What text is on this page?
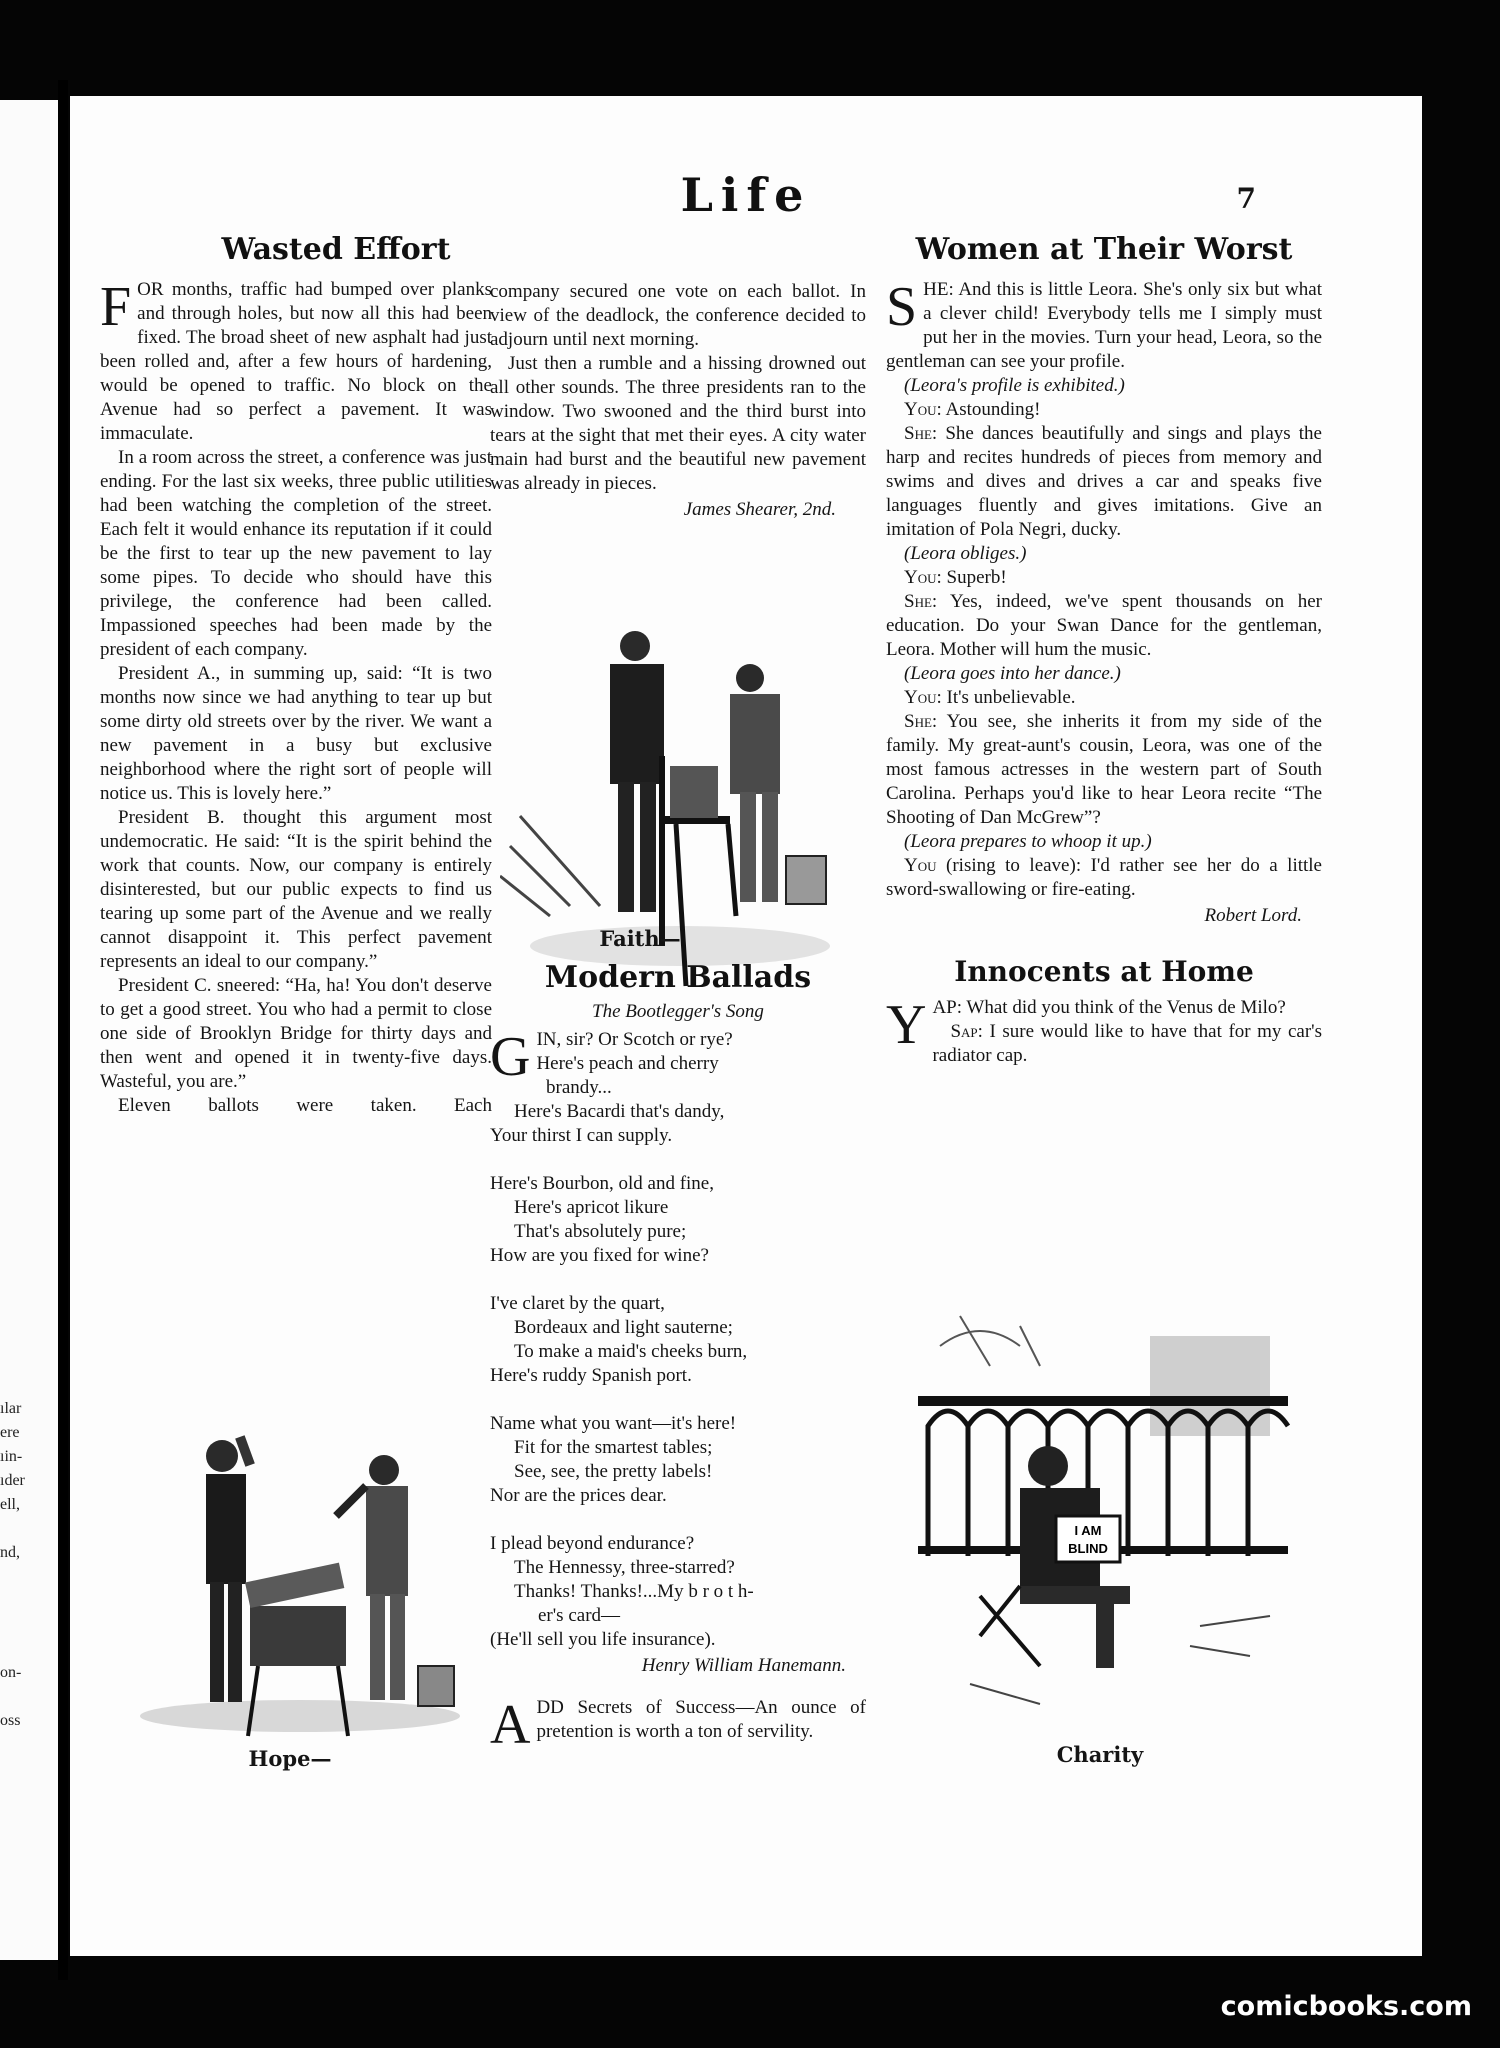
ılar
ere
ıin-
ıder
ell,
nd,
on-
oss
Life	7
Wasted Effort

FOR months, traffic had bumped over planks and through holes, but now all this had been fixed. The broad sheet of new asphalt had just been rolled and, after a few hours of hardening, would be opened to traffic. No block on the Avenue had so perfect a pavement. It was immaculate.

In a room across the street, a conference was just ending. For the last six weeks, three public utilities had been watching the completion of the street. Each felt it would enhance its reputation if it could be the first to tear up the new pavement to lay some pipes. To decide who should have this privilege, the conference had been called. Impassioned speeches had been made by the president of each company.

President A., in summing up, said: “It is two months now since we had anything to tear up but some dirty old streets over by the river. We want a new pavement in a busy but exclusive neighborhood where the right sort of people will notice us. This is lovely here.”

President B. thought this argument most undemocratic. He said: “It is the spirit behind the work that counts. Now, our company is entirely disinterested, but our public expects to find us tearing up some part of the Avenue and we really cannot disappoint it. This perfect pavement represents an ideal to our company.”

President C. sneered: “Ha, ha! You don't deserve to get a good street. You who had a permit to close one side of Brooklyn Bridge for thirty days and then went and opened it in twenty-five days. Wasteful, you are.”

Eleven ballots were taken. Each

Hope—

company secured one vote on each ballot. In view of the deadlock, the conference decided to adjourn until next morning.

Just then a rumble and a hissing drowned out all other sounds. The three presidents ran to the window. Two swooned and the third burst into tears at the sight that met their eyes. A city water main had burst and the beautiful new pavement was already in pieces.

James Shearer, 2nd.
Faith—
Modern Ballads
The Bootlegger's Song
G IN, sir? Or Scotch or rye?
Here's peach and cherry
brandy...
Here's Bacardi that's dandy,
Your thirst I can supply.
Here's Bourbon, old and fine,
Here's apricot likure
That's absolutely pure;
How are you fixed for wine?
I've claret by the quart,
Bordeaux and light sauterne;
To make a maid's cheeks burn,
Here's ruddy Spanish port.
Name what you want—it's here!
Fit for the smartest tables;
See, see, the pretty labels!
Nor are the prices dear.
I plead beyond endurance?
The Hennessy, three-starred?
Thanks! Thanks!...My b r o t h-
er's card—
(He'll sell you life insurance).
Henry William Hanemann.

ADD Secrets of Success—An ounce of pretention is worth a ton of servility.

Women at Their Worst

SHE: And this is little Leora. She's only six but what a clever child! Everybody tells me I simply must put her in the movies. Turn your head, Leora, so the gentleman can see your profile.

(Leora's profile is exhibited.)

You: Astounding!

She: She dances beautifully and sings and plays the harp and recites hundreds of pieces from memory and swims and dives and drives a car and speaks five languages fluently and gives imitations. Give an imitation of Pola Negri, ducky.

(Leora obliges.)

You: Superb!

She: Yes, indeed, we've spent thousands on her education. Do your Swan Dance for the gentleman, Leora. Mother will hum the music.

(Leora goes into her dance.)

You: It's unbelievable.

She: You see, she inherits it from my side of the family. My great-aunt's cousin, Leora, was one of the most famous actresses in the western part of South Carolina. Perhaps you'd like to hear Leora recite “The Shooting of Dan McGrew”?

(Leora prepares to whoop it up.)

You (rising to leave): I'd rather see her do a little sword-swallowing or fire-eating.

Robert Lord.
Innocents at Home

YAP: What did you think of the Venus de Milo?

Sap: I sure would like to have that for my car's radiator cap.

I AM
BLIND
Charity
comicbooks.com
